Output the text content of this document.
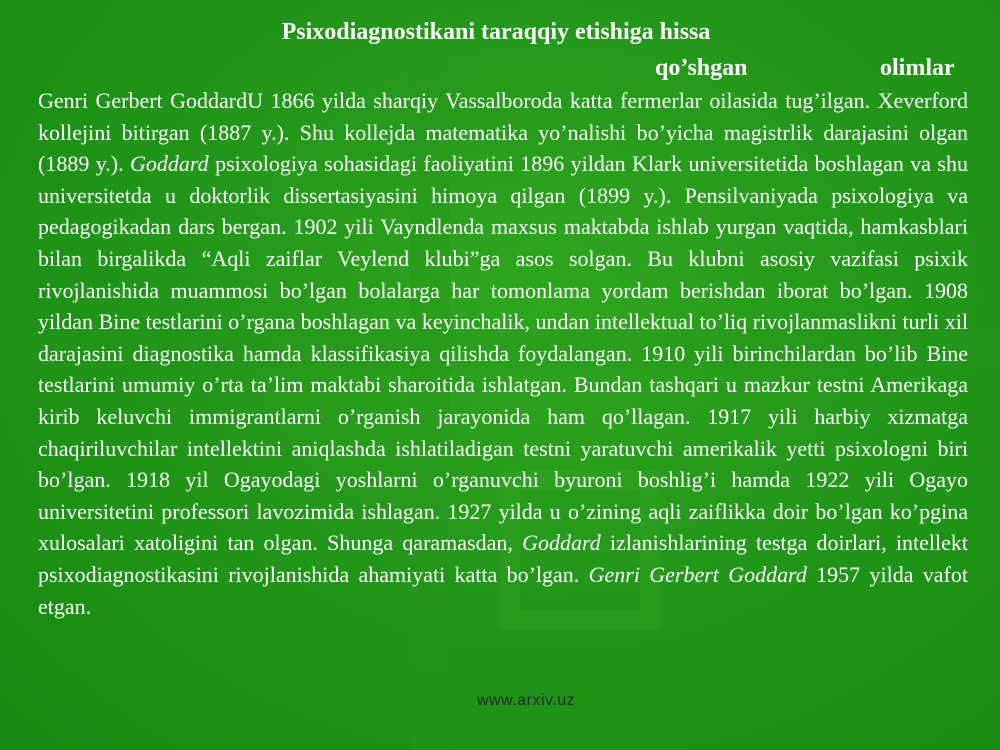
Psixodiagnostikani taraqqiy etishiga hissa
qo’shgan	olimlar

Genri Gerbert GoddardU 1866 yilda sharqiy Vassalboroda katta fermerlar oilasida tug’ilgan. Xeverford kollejini bitirgan (1887 y.). Shu kollejda matematika yo’nalishi bo’yicha magistrlik darajasini olgan (1889 y.). Goddard psixologiya sohasidagi faoliyatini 1896 yildan Klark universitetida boshlagan va shu universitetda u doktorlik dissertasiyasini himoya qilgan (1899 y.). Pensilvaniyada psixologiya va pedagogikadan dars bergan. 1902 yili Vayndlenda maxsus maktabda ishlab yurgan vaqtida, hamkasblari bilan birgalikda “Aqli zaiflar Veylend klubi”ga asos solgan. Bu klubni asosiy vazifasi psixik rivojlanishida muammosi bo’lgan bolalarga har tomonlama yordam berishdan iborat bo’lgan. 1908 yildan Bine testlarini o’rgana boshlagan va keyinchalik, undan intellektual to’liq rivojlanmaslikni turli xil darajasini diagnostika hamda klassifikasiya qilishda foydalangan. 1910 yili birinchilardan bo’lib Bine testlarini umumiy o’rta ta’lim maktabi sharoitida ishlatgan. Bundan tashqari u mazkur testni Amerikaga kirib keluvchi immigrantlarni o’rganish jarayonida ham qo’llagan. 1917 yili harbiy xizmatga chaqiriluvchilar intellektini aniqlashda ishlatiladigan testni yaratuvchi amerikalik yetti psixologni biri bo’lgan. 1918 yil Ogayodagi yoshlarni o’rganuvchi byuroni boshlig’i hamda 1922 yili Ogayo universitetini professori lavozimida ishlagan. 1927 yilda u o’zining aqli zaiflikka doir bo’lgan ko’pgina xulosalari xatoligini tan olgan. Shunga qaramasdan, Goddard izlanishlarining testga doirlari, intellekt psixodiagnostikasini rivojlanishida ahamiyati katta bo’lgan. Genri Gerbert Goddard 1957 yilda vafot etgan.

www.arxiv.uz
